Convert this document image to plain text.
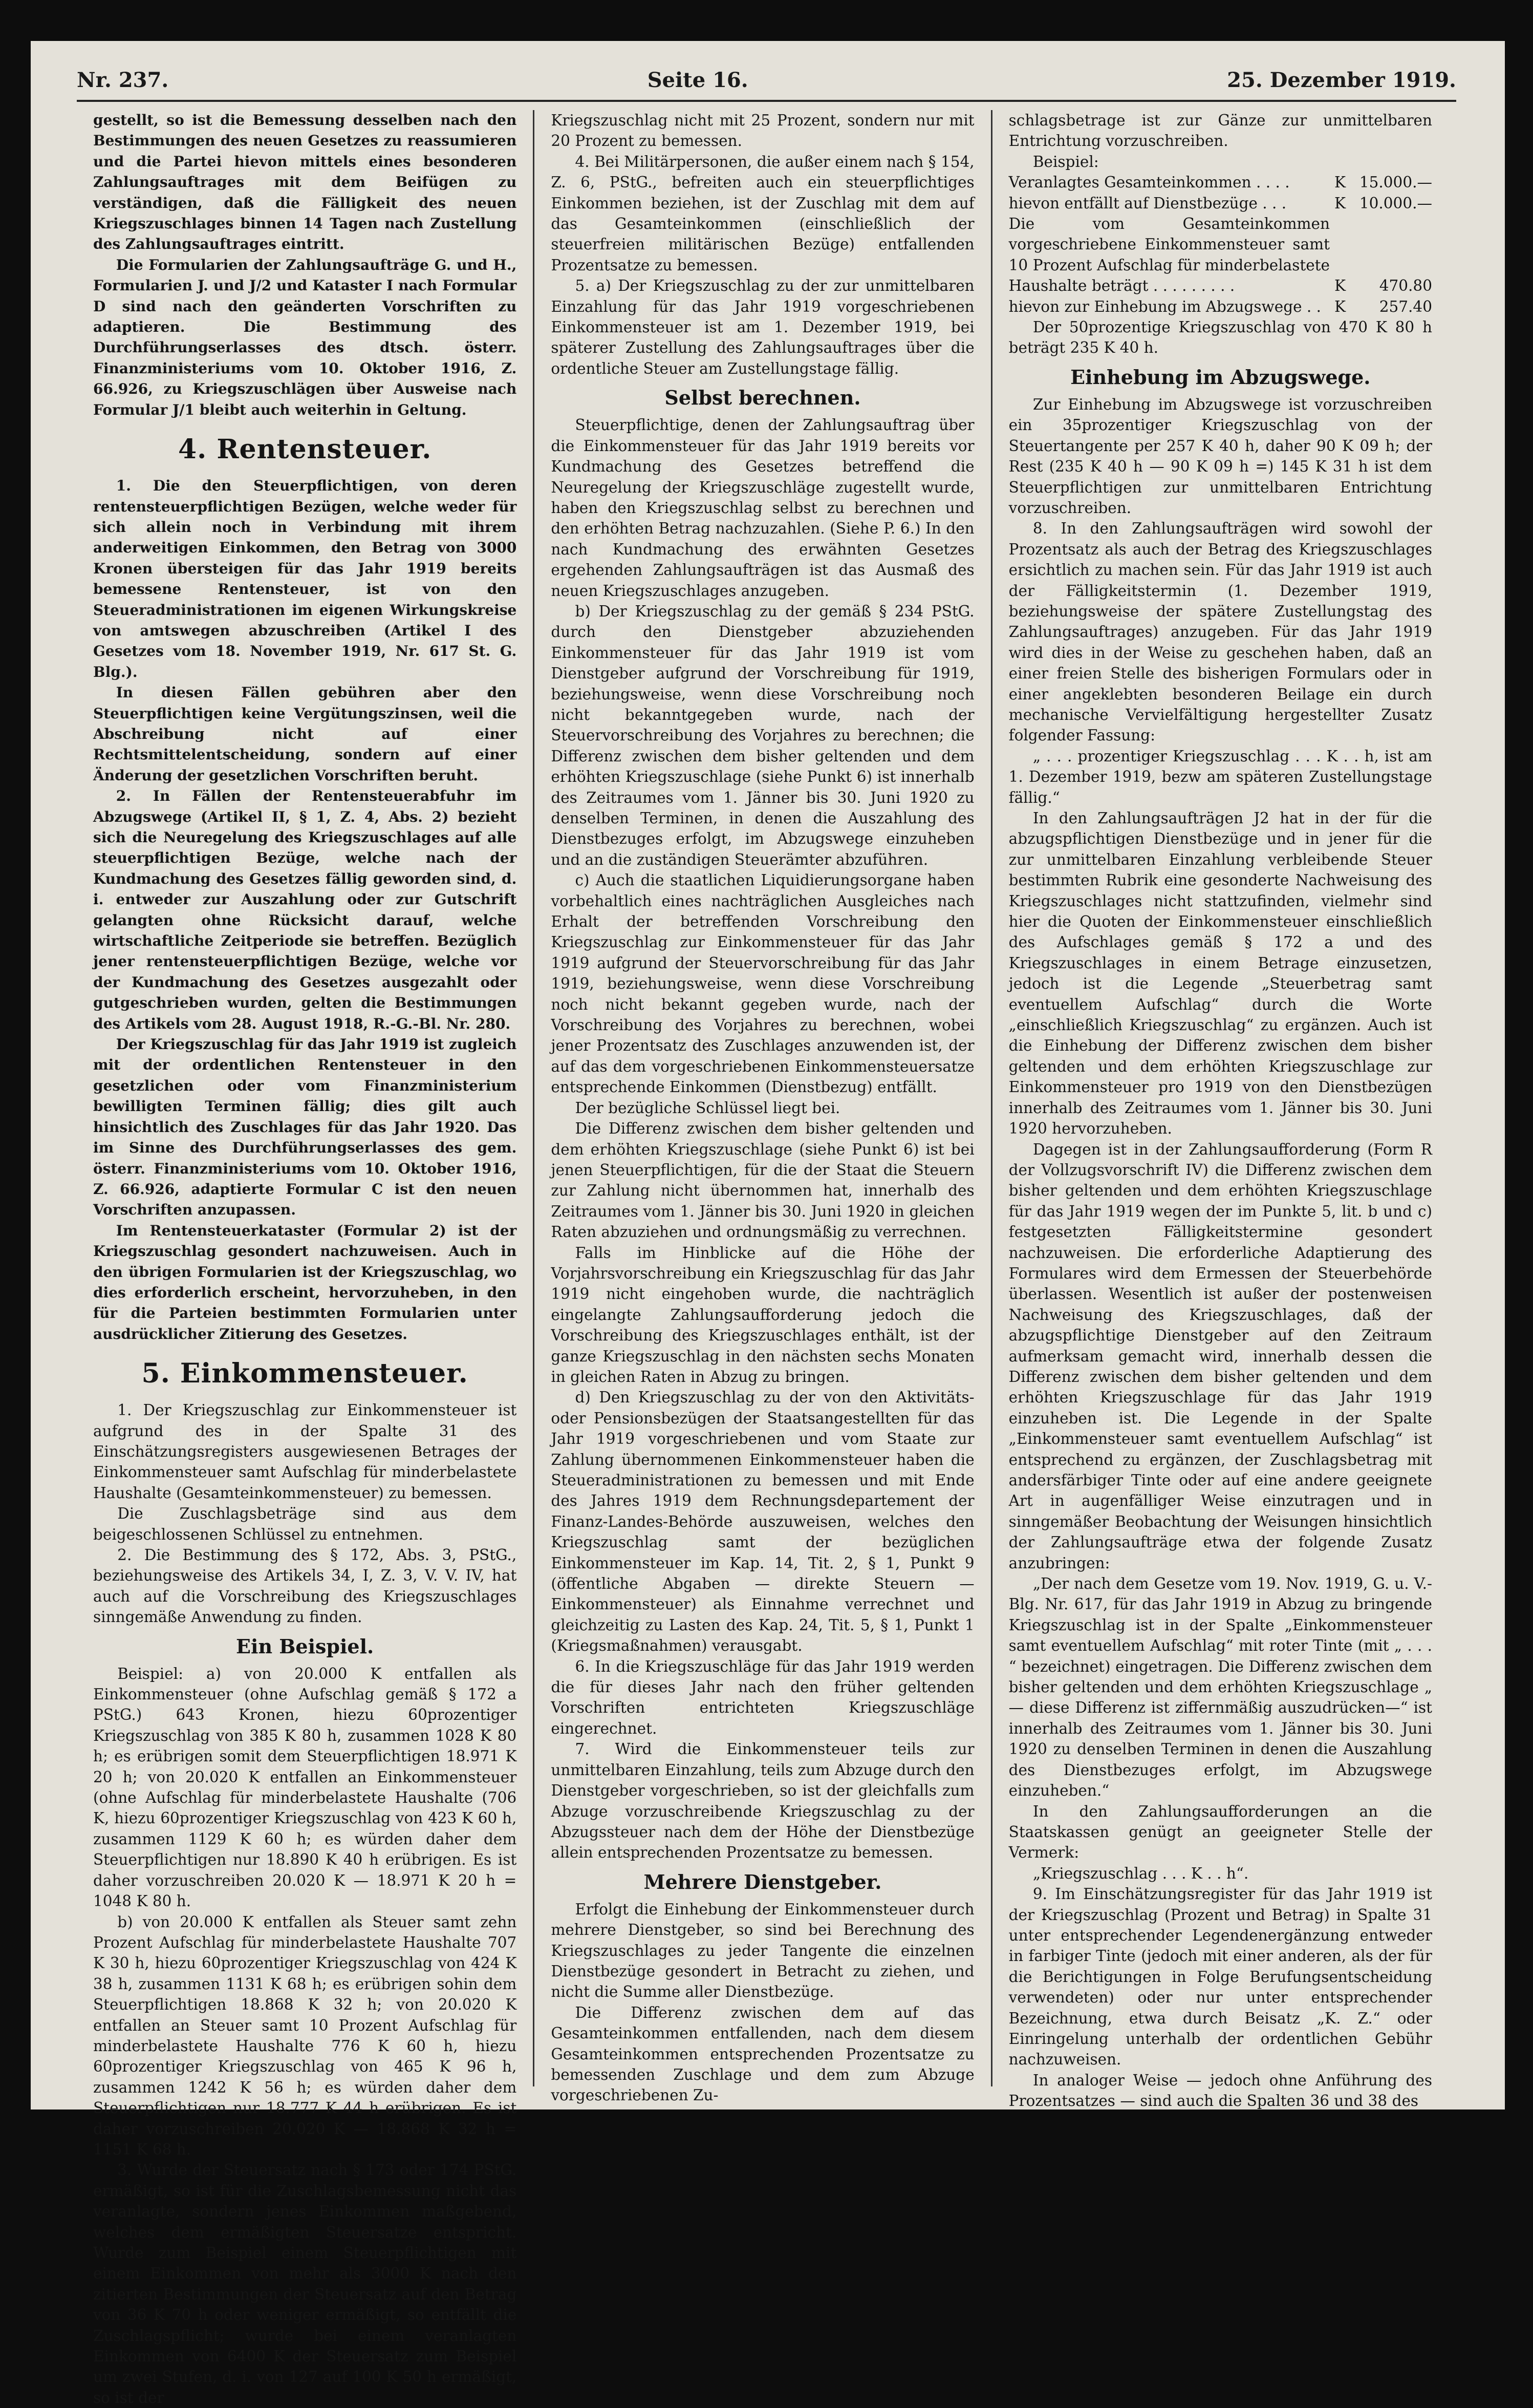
Nr. 237.	Seite 16.	25. Dezember 1919.

gestellt, so ist die Bemessung desselben nach den Bestimmungen des neuen Gesetzes zu reassumieren und die Partei hievon mittels eines besonderen Zahlungsauftrages mit dem Beifügen zu verständigen, daß die Fälligkeit des neuen Kriegszuschlages binnen 14 Tagen nach Zustellung des Zahlungsauftrages eintritt.

Die Formularien der Zahlungsaufträge G. und H., Formularien J. und J/2 und Kataster I nach Formular D sind nach den geänderten Vorschriften zu adaptieren. Die Bestimmung des Durchführungserlasses des dtsch. österr. Finanzministeriums vom 10. Oktober 1916, Z. 66.926, zu Kriegszuschlägen über Ausweise nach Formular J/1 bleibt auch weiterhin in Geltung.

4. Rentensteuer.

1. Die den Steuerpflichtigen, von deren rentensteuerpflichtigen Bezügen, welche weder für sich allein noch in Verbindung mit ihrem anderweitigen Einkommen, den Betrag von 3000 Kronen übersteigen für das Jahr 1919 bereits bemessene Rentensteuer, ist von den Steueradministrationen im eigenen Wirkungskreise von amtswegen abzuschreiben (Artikel I des Gesetzes vom 18. November 1919, Nr. 617 St. G. Blg.).

In diesen Fällen gebühren aber den Steuerpflichtigen keine Vergütungszinsen, weil die Abschreibung nicht auf einer Rechtsmittelentscheidung, sondern auf einer Änderung der gesetzlichen Vorschriften beruht.

2. In Fällen der Rentensteuerabfuhr im Abzugswege (Artikel II, § 1, Z. 4, Abs. 2) bezieht sich die Neuregelung des Kriegszuschlages auf alle steuerpflichtigen Bezüge, welche nach der Kundmachung des Gesetzes fällig geworden sind, d. i. entweder zur Auszahlung oder zur Gutschrift gelangten ohne Rücksicht darauf, welche wirtschaftliche Zeitperiode sie betreffen. Bezüglich jener rentensteuerpflichtigen Bezüge, welche vor der Kundmachung des Gesetzes ausgezahlt oder gutgeschrieben wurden, gelten die Bestimmungen des Artikels vom 28. August 1918, R.-G.-Bl. Nr. 280.

Der Kriegszuschlag für das Jahr 1919 ist zugleich mit der ordentlichen Rentensteuer in den gesetzlichen oder vom Finanzministerium bewilligten Terminen fällig; dies gilt auch hinsichtlich des Zuschlages für das Jahr 1920. Das im Sinne des Durchführungserlasses des gem. österr. Finanzministeriums vom 10. Oktober 1916, Z. 66.926, adaptierte Formular C ist den neuen Vorschriften anzupassen.

Im Rentensteuerkataster (Formular 2) ist der Kriegszuschlag gesondert nachzuweisen. Auch in den übrigen Formularien ist der Kriegszuschlag, wo dies erforderlich erscheint, hervorzuheben, in den für die Parteien bestimmten Formularien unter ausdrücklicher Zitierung des Gesetzes.

5. Einkommensteuer.

1. Der Kriegszuschlag zur Einkommensteuer ist aufgrund des in der Spalte 31 des Einschätzungsregisters ausgewiesenen Betrages der Einkommensteuer samt Aufschlag für minderbelastete Haushalte (Gesamteinkommensteuer) zu bemessen.

Die Zuschlagsbeträge sind aus dem beigeschlossenen Schlüssel zu entnehmen.

2. Die Bestimmung des § 172, Abs. 3, PStG., beziehungsweise des Artikels 34, I, Z. 3, V. V. IV, hat auch auf die Vorschreibung des Kriegszuschlages sinngemäße Anwendung zu finden.

Ein Beispiel.

Beispiel: a) von 20.000 K entfallen als Einkommensteuer (ohne Aufschlag gemäß § 172 a PStG.) 643 Kronen, hiezu 60prozentiger Kriegszuschlag von 385 K 80 h, zusammen 1028 K 80 h; es erübrigen somit dem Steuerpflichtigen 18.971 K 20 h; von 20.020 K entfallen an Einkommensteuer (ohne Aufschlag für minderbelastete Haushalte (706 K, hiezu 60prozentiger Kriegszuschlag von 423 K 60 h, zusammen 1129 K 60 h; es würden daher dem Steuerpflichtigen nur 18.890 K 40 h erübrigen. Es ist daher vorzuschreiben 20.020 K — 18.971 K 20 h = 1048 K 80 h.

b) von 20.000 K entfallen als Steuer samt zehn Prozent Aufschlag für minderbelastete Haushalte 707 K 30 h, hiezu 60prozentiger Kriegszuschlag von 424 K 38 h, zusammen 1131 K 68 h; es erübrigen sohin dem Steuerpflichtigen 18.868 K 32 h; von 20.020 K entfallen an Steuer samt 10 Prozent Aufschlag für minderbelastete Haushalte 776 K 60 h, hiezu 60prozentiger Kriegszuschlag von 465 K 96 h, zusammen 1242 K 56 h; es würden daher dem Steuerpflichtigen nur 18.777 K 44 h erübrigen. Es ist daher vorzuschreiben 20.020 K — 18.868 K 32 h = 1151 K 68 h.

3. Wurde der Steuersatz nach § 173 oder 174 PStG. ermäßigt, so ist für die Zuschlagsbemessung nicht das veranlagte, sondern jenes Einkommen maßgebend, welches dem ermäßigten Steuersatze entspricht. Wurde zum Beispiel einem Steuerpflichtigen mit einem Einkommen von mehr als 3000 K nach den zitierten Bestimmungen der Steuersatz auf den Betrag von 36 K 70 h oder weniger ermäßigt, so entfällt die Zuschlagspflicht; wurde bei einem veranlagten Einkommen von 6400 K der Steuersatz zum Beispiel um zwei Stufen, d. i. von 127 auf 100 K 50 h ermäßigt, so ist der

Kriegszuschlag nicht mit 25 Prozent, sondern nur mit 20 Prozent zu bemessen.

4. Bei Militärpersonen, die außer einem nach § 154, Z. 6, PStG., befreiten auch ein steuerpflichtiges Einkommen beziehen, ist der Zuschlag mit dem auf das Gesamteinkommen (einschließlich der steuerfreien militärischen Bezüge) entfallenden Prozentsatze zu bemessen.

5. a) Der Kriegszuschlag zu der zur unmittelbaren Einzahlung für das Jahr 1919 vorgeschriebenen Einkommensteuer ist am 1. Dezember 1919, bei späterer Zustellung des Zahlungsauftrages über die ordentliche Steuer am Zustellungstage fällig.

Selbst berechnen.

Steuerpflichtige, denen der Zahlungsauftrag über die Einkommensteuer für das Jahr 1919 bereits vor Kundmachung des Gesetzes betreffend die Neuregelung der Kriegszuschläge zugestellt wurde, haben den Kriegszuschlag selbst zu berechnen und den erhöhten Betrag nachzuzahlen. (Siehe P. 6.) In den nach Kundmachung des erwähnten Gesetzes ergehenden Zahlungsaufträgen ist das Ausmaß des neuen Kriegszuschlages anzugeben.

b) Der Kriegszuschlag zu der gemäß § 234 PStG. durch den Dienstgeber abzuziehenden Einkommensteuer für das Jahr 1919 ist vom Dienstgeber aufgrund der Vorschreibung für 1919, beziehungsweise, wenn diese Vorschreibung noch nicht bekanntgegeben wurde, nach der Steuervorschreibung des Vorjahres zu berechnen; die Differenz zwischen dem bisher geltenden und dem erhöhten Kriegszuschlage (siehe Punkt 6) ist innerhalb des Zeitraumes vom 1. Jänner bis 30. Juni 1920 zu denselben Terminen, in denen die Auszahlung des Dienstbezuges erfolgt, im Abzugswege einzuheben und an die zuständigen Steuerämter abzuführen.

c) Auch die staatlichen Liquidierungsorgane haben vorbehaltlich eines nachträglichen Ausgleiches nach Erhalt der betreffenden Vorschreibung den Kriegszuschlag zur Einkommensteuer für das Jahr 1919 aufgrund der Steuervorschreibung für das Jahr 1919, beziehungsweise, wenn diese Vorschreibung noch nicht bekannt gegeben wurde, nach der Vorschreibung des Vorjahres zu berechnen, wobei jener Prozentsatz des Zuschlages anzuwenden ist, der auf das dem vorgeschriebenen Einkommensteuersatze entsprechende Einkommen (Dienstbezug) entfällt.

Der bezügliche Schlüssel liegt bei.

Die Differenz zwischen dem bisher geltenden und dem erhöhten Kriegszuschlage (siehe Punkt 6) ist bei jenen Steuerpflichtigen, für die der Staat die Steuern zur Zahlung nicht übernommen hat, innerhalb des Zeitraumes vom 1. Jänner bis 30. Juni 1920 in gleichen Raten abzuziehen und ordnungsmäßig zu verrechnen.

Falls im Hinblicke auf die Höhe der Vorjahrsvorschreibung ein Kriegszuschlag für das Jahr 1919 nicht eingehoben wurde, die nachträglich eingelangte Zahlungsaufforderung jedoch die Vorschreibung des Kriegszuschlages enthält, ist der ganze Kriegszuschlag in den nächsten sechs Monaten in gleichen Raten in Abzug zu bringen.

d) Den Kriegszuschlag zu der von den Aktivitäts- oder Pensionsbezügen der Staatsangestellten für das Jahr 1919 vorgeschriebenen und vom Staate zur Zahlung übernommenen Einkommensteuer haben die Steueradministrationen zu bemessen und mit Ende des Jahres 1919 dem Rechnungsdepartement der Finanz-Landes-Behörde auszuweisen, welches den Kriegszuschlag samt der bezüglichen Einkommensteuer im Kap. 14, Tit. 2, § 1, Punkt 9 (öffentliche Abgaben — direkte Steuern — Einkommensteuer) als Einnahme verrechnet und gleichzeitig zu Lasten des Kap. 24, Tit. 5, § 1, Punkt 1 (Kriegsmaßnahmen) verausgabt.

6. In die Kriegszuschläge für das Jahr 1919 werden die für dieses Jahr nach den früher geltenden Vorschriften entrichteten Kriegszuschläge eingerechnet.

7. Wird die Einkommensteuer teils zur unmittelbaren Einzahlung, teils zum Abzuge durch den Dienstgeber vorgeschrieben, so ist der gleichfalls zum Abzuge vorzuschreibende Kriegszuschlag zu der Abzugssteuer nach dem der Höhe der Dienstbezüge allein entsprechenden Prozentsatze zu bemessen.

Mehrere Dienstgeber.

Erfolgt die Einhebung der Einkommensteuer durch mehrere Dienstgeber, so sind bei Berechnung des Kriegszuschlages zu jeder Tangente die einzelnen Dienstbezüge gesondert in Betracht zu ziehen, und nicht die Summe aller Dienstbezüge.

Die Differenz zwischen dem auf das Gesamteinkommen entfallenden, nach dem diesem Gesamteinkommen entsprechenden Prozentsatze zu bemessenden Zuschlage und dem zum Abzuge vorgeschriebenen Zu-

schlagsbetrage ist zur Gänze zur unmittelbaren Entrichtung vorzuschreiben.

Beispiel:

Veranlagtes Gesamteinkommen . . . .	K	15.000.—
hievon entfällt auf Dienstbezüge . . .	K	10.000.—
Die vom Gesamteinkommen vorgeschriebene Einkommensteuer samt 10 Prozent Aufschlag für minderbelastete Haushalte beträgt . . . . . . . . .	K	470.80
hievon zur Einhebung im Abzugswege . .	K	257.40

Der 50prozentige Kriegszuschlag von 470 K 80 h beträgt 235 K 40 h.

Einhebung im Abzugswege.

Zur Einhebung im Abzugswege ist vorzuschreiben ein 35prozentiger Kriegszuschlag von der Steuertangente per 257 K 40 h, daher 90 K 09 h; der Rest (235 K 40 h — 90 K 09 h =) 145 K 31 h ist dem Steuerpflichtigen zur unmittelbaren Entrichtung vorzuschreiben.

8. In den Zahlungsaufträgen wird sowohl der Prozentsatz als auch der Betrag des Kriegszuschlages ersichtlich zu machen sein. Für das Jahr 1919 ist auch der Fälligkeitstermin (1. Dezember 1919, beziehungsweise der spätere Zustellungstag des Zahlungsauftrages) anzugeben. Für das Jahr 1919 wird dies in der Weise zu geschehen haben, daß an einer freien Stelle des bisherigen Formulars oder in einer angeklebten besonderen Beilage ein durch mechanische Vervielfältigung hergestellter Zusatz folgender Fassung:

„ . . . prozentiger Kriegszuschlag . . . K . . h, ist am 1. Dezember 1919, bezw am späteren Zustellungstage fällig.“

In den Zahlungsaufträgen J2 hat in der für die abzugspflichtigen Dienstbezüge und in jener für die zur unmittelbaren Einzahlung verbleibende Steuer bestimmten Rubrik eine gesonderte Nachweisung des Kriegszuschlages nicht stattzufinden, vielmehr sind hier die Quoten der Einkommensteuer einschließlich des Aufschlages gemäß § 172 a und des Kriegszuschlages in einem Betrage einzusetzen, jedoch ist die Legende „Steuerbetrag samt eventuellem Aufschlag“ durch die Worte „einschließlich Kriegszuschlag“ zu ergänzen. Auch ist die Einhebung der Differenz zwischen dem bisher geltenden und dem erhöhten Kriegszuschlage zur Einkommensteuer pro 1919 von den Dienstbezügen innerhalb des Zeitraumes vom 1. Jänner bis 30. Juni 1920 hervorzuheben.

Dagegen ist in der Zahlungsaufforderung (Form R der Vollzugsvorschrift IV) die Differenz zwischen dem bisher geltenden und dem erhöhten Kriegszuschlage für das Jahr 1919 wegen der im Punkte 5, lit. b und c) festgesetzten Fälligkeitstermine gesondert nachzuweisen. Die erforderliche Adaptierung des Formulares wird dem Ermessen der Steuerbehörde überlassen. Wesentlich ist außer der postenweisen Nachweisung des Kriegszuschlages, daß der abzugspflichtige Dienstgeber auf den Zeitraum aufmerksam gemacht wird, innerhalb dessen die Differenz zwischen dem bisher geltenden und dem erhöhten Kriegszuschlage für das Jahr 1919 einzuheben ist. Die Legende in der Spalte „Einkommensteuer samt eventuellem Aufschlag“ ist entsprechend zu ergänzen, der Zuschlagsbetrag mit andersfärbiger Tinte oder auf eine andere geeignete Art in augenfälliger Weise einzutragen und in sinngemäßer Beobachtung der Weisungen hinsichtlich der Zahlungsaufträge etwa der folgende Zusatz anzubringen:

„Der nach dem Gesetze vom 19. Nov. 1919, G. u. V.-Blg. Nr. 617, für das Jahr 1919 in Abzug zu bringende Kriegszuschlag ist in der Spalte „Einkommensteuer samt eventuellem Aufschlag“ mit roter Tinte (mit „ . . . “ bezeichnet) eingetragen. Die Differenz zwischen dem bisher geltenden und dem erhöhten Kriegszuschlage „ — diese Differenz ist ziffernmäßig auszudrücken—“ ist innerhalb des Zeitraumes vom 1. Jänner bis 30. Juni 1920 zu denselben Terminen in denen die Auszahlung des Dienstbezuges erfolgt, im Abzugswege einzuheben.“

In den Zahlungsaufforderungen an die Staatskassen genügt an geeigneter Stelle der Vermerk:

„Kriegszuschlag . . . K . . h“.

9. Im Einschätzungsregister für das Jahr 1919 ist der Kriegszuschlag (Prozent und Betrag) in Spalte 31 unter entsprechender Legendenergänzung entweder in farbiger Tinte (jedoch mit einer anderen, als der für die Berichtigungen in Folge Berufungsentscheidung verwendeten) oder nur unter entsprechender Bezeichnung, etwa durch Beisatz „K. Z.“ oder Einringelung unterhalb der ordentlichen Gebühr nachzuweisen.

In analoger Weise — jedoch ohne Anführung des Prozentsatzes — sind auch die Spalten 36 und 38 des
